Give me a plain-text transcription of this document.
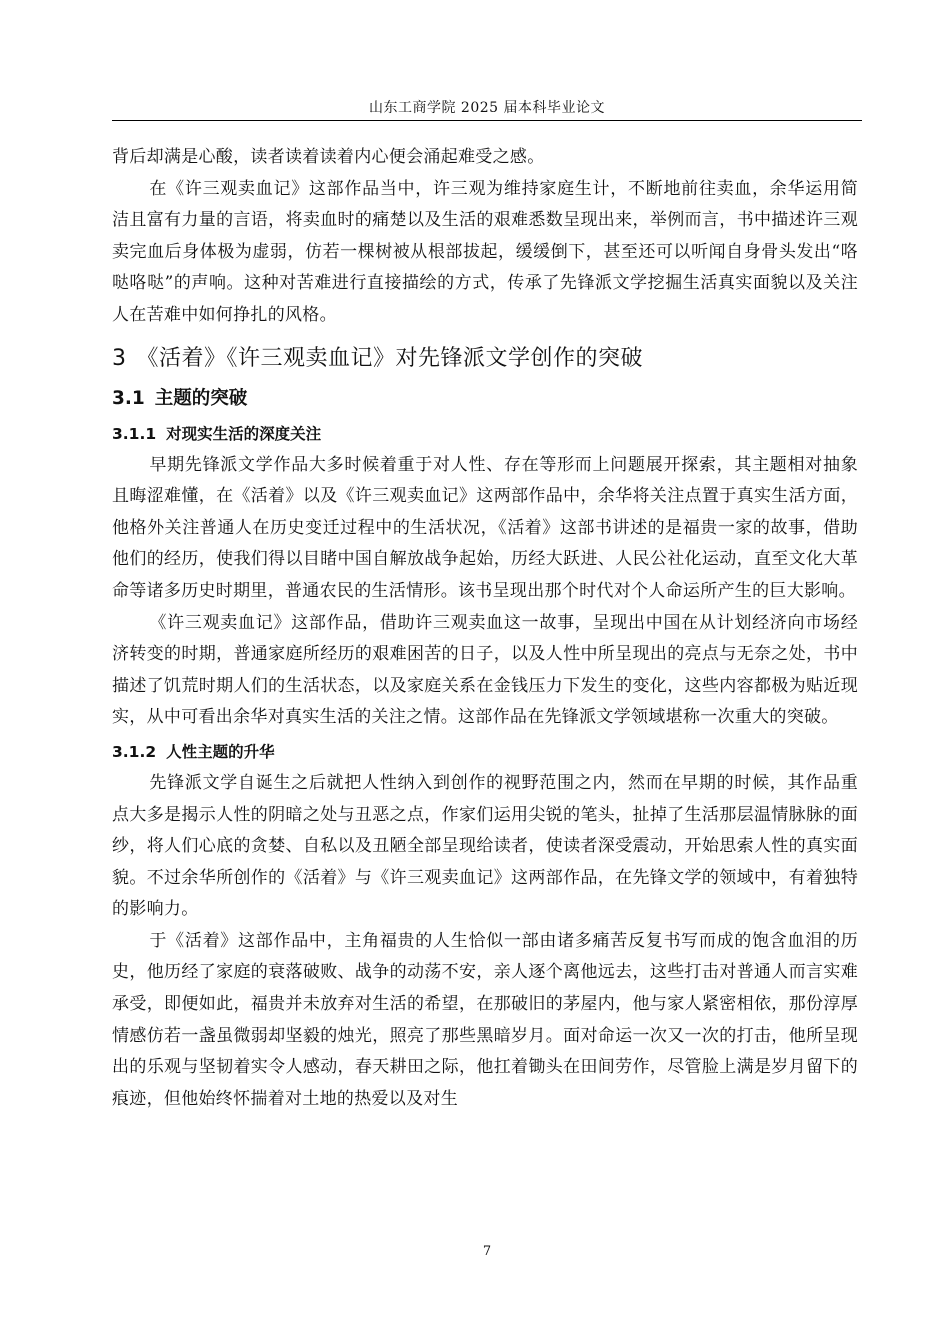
山东工商学院 2025 届本科毕业论文

背后却满是心酸，读者读着读着内心便会涌起难受之感。

在《许三观卖血记》这部作品当中，许三观为维持家庭生计，不断地前往卖血，余华运用简洁且富有力量的言语，将卖血时的痛楚以及生活的艰难悉数呈现出来，举例而言，书中描述许三观卖完血后身体极为虚弱，仿若一棵树被从根部拔起，缓缓倒下，甚至还可以听闻自身骨头发出“咯哒咯哒”的声响。这种对苦难进行直接描绘的方式，传承了先锋派文学挖掘生活真实面貌以及关注人在苦难中如何挣扎的风格。

3 《活着》《许三观卖血记》对先锋派文学创作的突破
3.1 主题的突破
3.1.1 对现实生活的深度关注

早期先锋派文学作品大多时候着重于对人性、存在等形而上问题展开探索，其主题相对抽象且晦涩难懂，在《活着》以及《许三观卖血记》这两部作品中，余华将关注点置于真实生活方面，他格外关注普通人在历史变迁过程中的生活状况，《活着》这部书讲述的是福贵一家的故事，借助他们的经历，使我们得以目睹中国自解放战争起始，历经大跃进、人民公社化运动，直至文化大革命等诸多历史时期里，普通农民的生活情形。该书呈现出那个时代对个人命运所产生的巨大影响。

《许三观卖血记》这部作品，借助许三观卖血这一故事，呈现出中国在从计划经济向市场经济转变的时期，普通家庭所经历的艰难困苦的日子，以及人性中所呈现出的亮点与无奈之处，书中描述了饥荒时期人们的生活状态，以及家庭关系在金钱压力下发生的变化，这些内容都极为贴近现实，从中可看出余华对真实生活的关注之情。这部作品在先锋派文学领域堪称一次重大的突破。

3.1.2 人性主题的升华

先锋派文学自诞生之后就把人性纳入到创作的视野范围之内，然而在早期的时候，其作品重点大多是揭示人性的阴暗之处与丑恶之点，作家们运用尖锐的笔头，扯掉了生活那层温情脉脉的面纱，将人们心底的贪婪、自私以及丑陋全部呈现给读者，使读者深受震动，开始思索人性的真实面貌。不过余华所创作的《活着》与《许三观卖血记》这两部作品，在先锋文学的领域中，有着独特的影响力。

于《活着》这部作品中，主角福贵的人生恰似一部由诸多痛苦反复书写而成的饱含血泪的历史，他历经了家庭的衰落破败、战争的动荡不安，亲人逐个离他远去，这些打击对普通人而言实难承受，即便如此，福贵并未放弃对生活的希望，在那破旧的茅屋内，他与家人紧密相依，那份淳厚情感仿若一盏虽微弱却坚毅的烛光，照亮了那些黑暗岁月。面对命运一次又一次的打击，他所呈现出的乐观与坚韧着实令人感动，春天耕田之际，他扛着锄头在田间劳作，尽管脸上满是岁月留下的痕迹，但他始终怀揣着对土地的热爱以及对生

7
